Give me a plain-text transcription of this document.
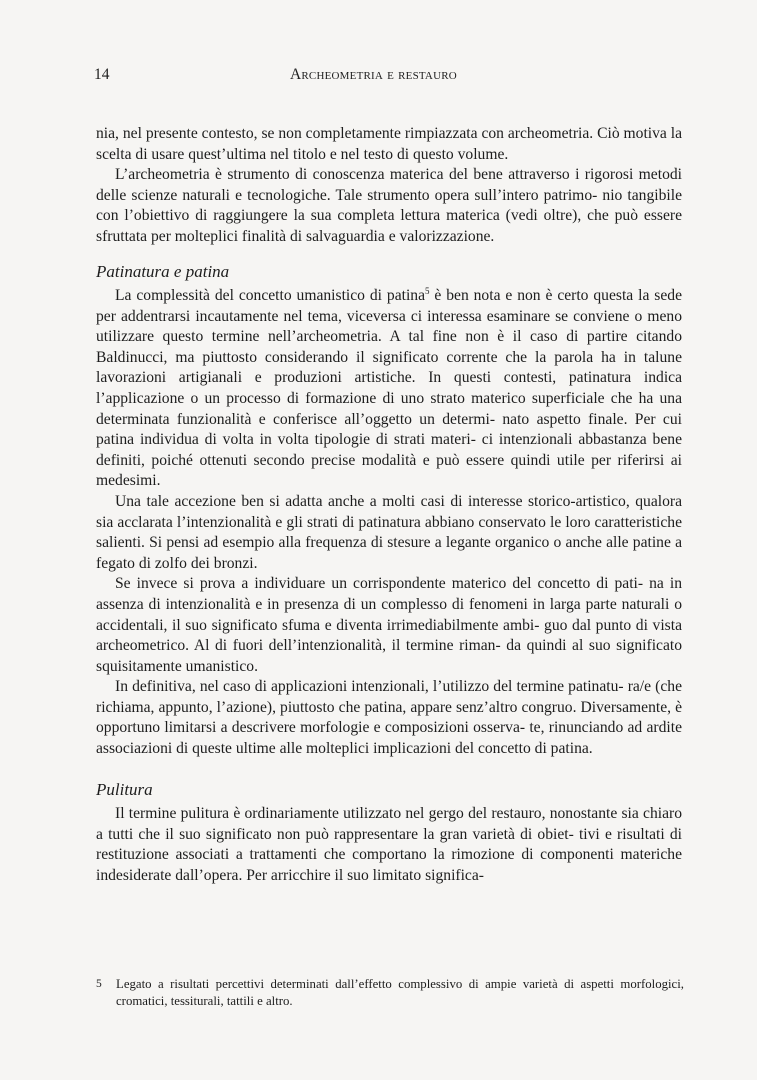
14	Archeometria e restauro

nia, nel presente contesto, se non completamente rimpiazzata con archeometria. Ciò motiva la scelta di usare quest’ultima nel titolo e nel testo di questo volume.

L’archeometria è strumento di conoscenza materica del bene attraverso i rigorosi metodi delle scienze naturali e tecnologiche. Tale strumento opera sull’intero patrimo- nio tangibile con l’obiettivo di raggiungere la sua completa lettura materica (vedi oltre), che può essere sfruttata per molteplici finalità di salvaguardia e valorizzazione.

Patinatura e patina

La complessità del concetto umanistico di patina$^5$ è ben nota e non è certo questa la sede per addentrarsi incautamente nel tema, viceversa ci interessa esaminare se conviene o meno utilizzare questo termine nell’archeometria. A tal fine non è il caso di partire citando Baldinucci, ma piuttosto considerando il significato corrente che la parola ha in talune lavorazioni artigianali e produzioni artistiche. In questi contesti, patinatura indica l’applicazione o un processo di formazione di uno strato materico superficiale che ha una determinata funzionalità e conferisce all’oggetto un determi- nato aspetto finale. Per cui patina individua di volta in volta tipologie di strati materi- ci intenzionali abbastanza bene definiti, poiché ottenuti secondo precise modalità e può essere quindi utile per riferirsi ai medesimi.

Una tale accezione ben si adatta anche a molti casi di interesse storico-artistico, qualora sia acclarata l’intenzionalità e gli strati di patinatura abbiano conservato le loro caratteristiche salienti. Si pensi ad esempio alla frequenza di stesure a legante organico o anche alle patine a fegato di zolfo dei bronzi.

Se invece si prova a individuare un corrispondente materico del concetto di pati- na in assenza di intenzionalità e in presenza di un complesso di fenomeni in larga parte naturali o accidentali, il suo significato sfuma e diventa irrimediabilmente ambi- guo dal punto di vista archeometrico. Al di fuori dell’intenzionalità, il termine riman- da quindi al suo significato squisitamente umanistico.

In definitiva, nel caso di applicazioni intenzionali, l’utilizzo del termine patinatu- ra/e (che richiama, appunto, l’azione), piuttosto che patina, appare senz’altro congruo. Diversamente, è opportuno limitarsi a descrivere morfologie e composizioni osserva- te, rinunciando ad ardite associazioni di queste ultime alle molteplici implicazioni del concetto di patina.

Pulitura

Il termine pulitura è ordinariamente utilizzato nel gergo del restauro, nonostante sia chiaro a tutti che il suo significato non può rappresentare la gran varietà di obiet- tivi e risultati di restituzione associati a trattamenti che comportano la rimozione di componenti materiche indesiderate dall’opera. Per arricchire il suo limitato significa-

5 Legato a risultati percettivi determinati dall’effetto complessivo di ampie varietà di aspetti morfologici, cromatici, tessiturali, tattili e altro.
